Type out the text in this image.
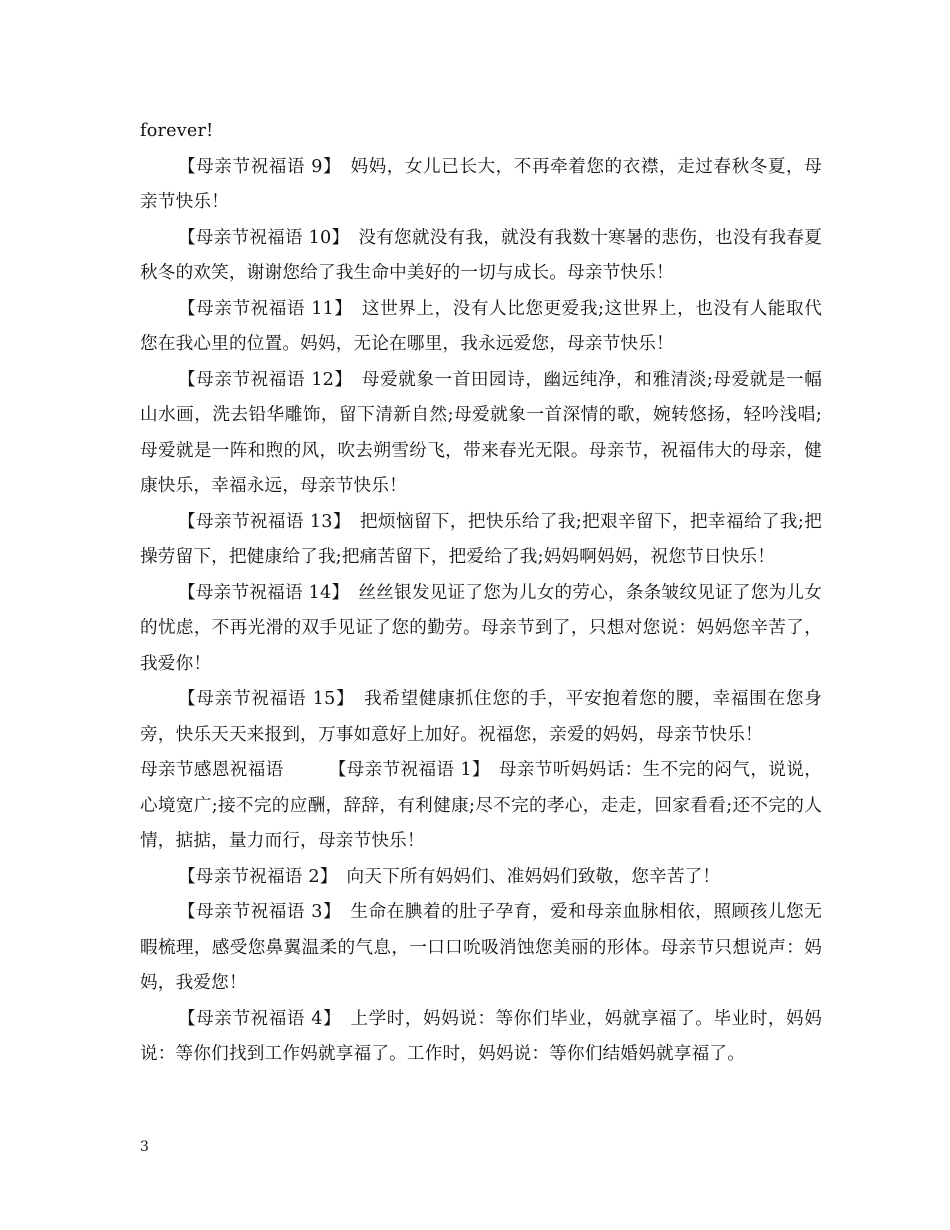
forever!

【母亲节祝福语 9】　妈妈，女儿已长大，不再牵着您的衣襟，走过春秋冬夏，母亲节快乐！

【母亲节祝福语 10】　没有您就没有我，就没有我数十寒暑的悲伤，也没有我春夏秋冬的欢笑，谢谢您给了我生命中美好的一切与成长。母亲节快乐！

【母亲节祝福语 11】　这世界上，没有人比您更爱我;这世界上，也没有人能取代您在我心里的位置。妈妈，无论在哪里，我永远爱您，母亲节快乐！

【母亲节祝福语 12】　母爱就象一首田园诗，幽远纯净，和雅清淡;母爱就是一幅山水画，洗去铅华雕饰，留下清新自然;母爱就象一首深情的歌，婉转悠扬，轻吟浅唱;母爱就是一阵和煦的风，吹去朔雪纷飞，带来春光无限。母亲节，祝福伟大的母亲，健康快乐，幸福永远，母亲节快乐！

【母亲节祝福语 13】　把烦恼留下，把快乐给了我;把艰辛留下，把幸福给了我;把操劳留下，把健康给了我;把痛苦留下，把爱给了我;妈妈啊妈妈，祝您节日快乐！

【母亲节祝福语 14】　丝丝银发见证了您为儿女的劳心，条条皱纹见证了您为儿女的忧虑，不再光滑的双手见证了您的勤劳。母亲节到了，只想对您说：妈妈您辛苦了，我爱你！

【母亲节祝福语 15】　我希望健康抓住您的手，平安抱着您的腰，幸福围在您身旁，快乐天天来报到，万事如意好上加好。祝福您，亲爱的妈妈，母亲节快乐！

母亲节感恩祝福语　　　【母亲节祝福语 1】　母亲节听妈妈话：生不完的闷气，说说，心境宽广;接不完的应酬，辞辞，有利健康;尽不完的孝心，走走，回家看看;还不完的人情，掂掂，量力而行，母亲节快乐！

【母亲节祝福语 2】　向天下所有妈妈们、准妈妈们致敬，您辛苦了！

【母亲节祝福语 3】　生命在腆着的肚子孕育，爱和母亲血脉相依，照顾孩儿您无暇梳理，感受您鼻翼温柔的气息，一口口吮吸消蚀您美丽的形体。母亲节只想说声：妈妈，我爱您！

【母亲节祝福语 4】　上学时，妈妈说：等你们毕业，妈就享福了。毕业时，妈妈说：等你们找到工作妈就享福了。工作时，妈妈说：等你们结婚妈就享福了。

3
